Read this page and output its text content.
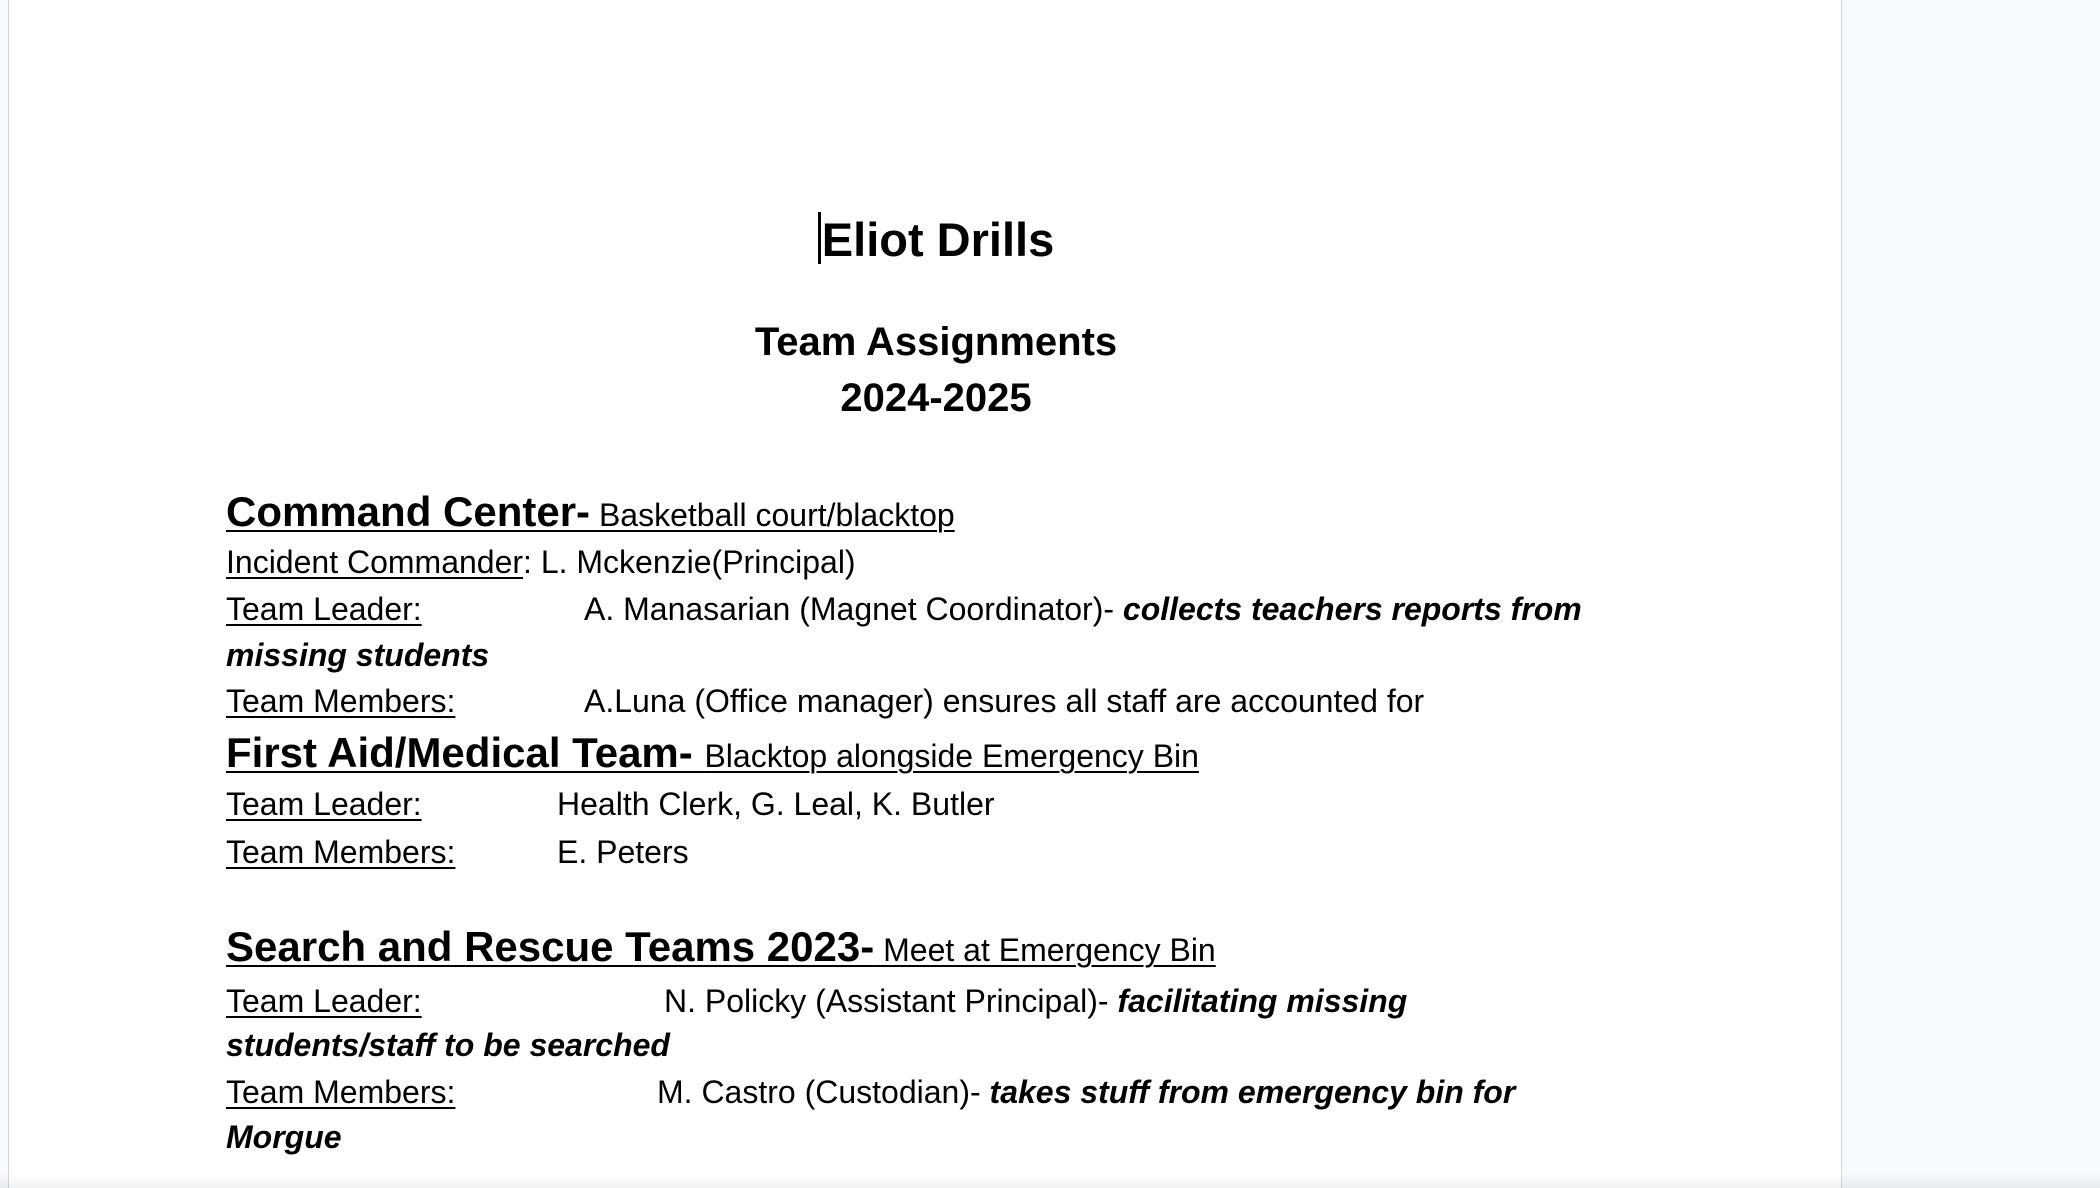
Eliot Drills
Team Assignments
2024-2025
Command Center- Basketball court/blacktop
Incident Commander: L. Mckenzie(Principal)
Team Leader:	A. Manasarian (Magnet Coordinator)- collects teachers reports from
missing students
Team Members:	A.Luna (Office manager) ensures all staff are accounted for
First Aid/Medical Team- Blacktop alongside Emergency Bin
Team Leader:	Health Clerk, G. Leal, K. Butler
Team Members:	E. Peters
Search and Rescue Teams 2023- Meet at Emergency Bin
Team Leader:	N. Policky (Assistant Principal)- facilitating missing
students/staff to be searched
Team Members:	M. Castro (Custodian)- takes stuff from emergency bin for
Morgue
